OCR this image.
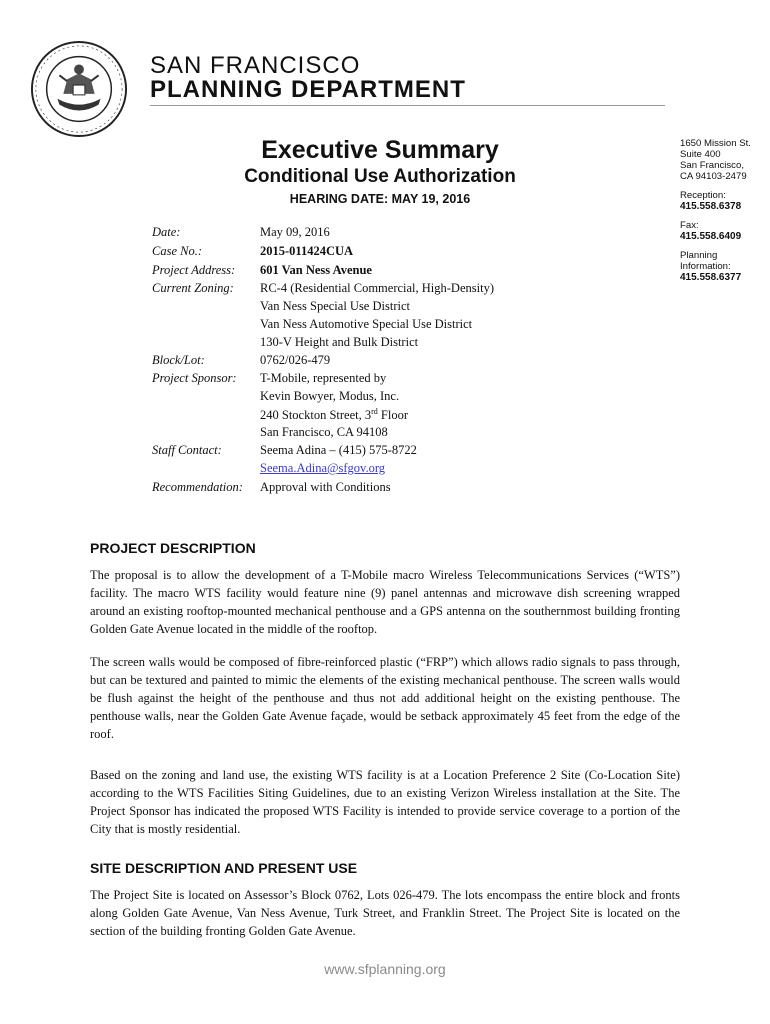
SAN FRANCISCO
PLANNING DEPARTMENT
Executive Summary
Conditional Use Authorization
HEARING DATE: MAY 19, 2016
1650 Mission St.
Suite 400
San Francisco,
CA 94103-2479
Reception:
415.558.6378
Fax:
415.558.6409
Planning
Information:
415.558.6377
Date:	May 09, 2016
Case No.:	2015-011424CUA
Project Address: 601 Van Ness Avenue
Current Zoning: RC-4 (Residential Commercial, High-Density)
Van Ness Special Use District
Van Ness Automotive Special Use District
130-V Height and Bulk District
Block/Lot:	0762/026-479
Project Sponsor: T-Mobile, represented by
Kevin Bowyer, Modus, Inc.
240 Stockton Street, 3rd Floor
San Francisco, CA 94108
Staff Contact:	Seema Adina – (415) 575-8722
Seema.Adina@sfgov.org
Recommendation: Approval with Conditions
PROJECT DESCRIPTION
The proposal is to allow the development of a T-Mobile macro Wireless Telecommunications Services (“WTS”) facility. The macro WTS facility would feature nine (9) panel antennas and microwave dish screening wrapped around an existing rooftop-mounted mechanical penthouse and a GPS antenna on the southernmost building fronting Golden Gate Avenue located in the middle of the rooftop.
The screen walls would be composed of fibre-reinforced plastic (“FRP”) which allows radio signals to pass through, but can be textured and painted to mimic the elements of the existing mechanical penthouse. The screen walls would be flush against the height of the penthouse and thus not add additional height on the existing penthouse. The penthouse walls, near the Golden Gate Avenue façade, would be setback approximately 45 feet from the edge of the roof.
Based on the zoning and land use, the existing WTS facility is at a Location Preference 2 Site (Co-Location Site) according to the WTS Facilities Siting Guidelines, due to an existing Verizon Wireless installation at the Site. The Project Sponsor has indicated the proposed WTS Facility is intended to provide service coverage to a portion of the City that is mostly residential.
SITE DESCRIPTION AND PRESENT USE
The Project Site is located on Assessor’s Block 0762, Lots 026-479. The lots encompass the entire block and fronts along Golden Gate Avenue, Van Ness Avenue, Turk Street, and Franklin Street. The Project Site is located on the section of the building fronting Golden Gate Avenue.
www.sfplanning.org
